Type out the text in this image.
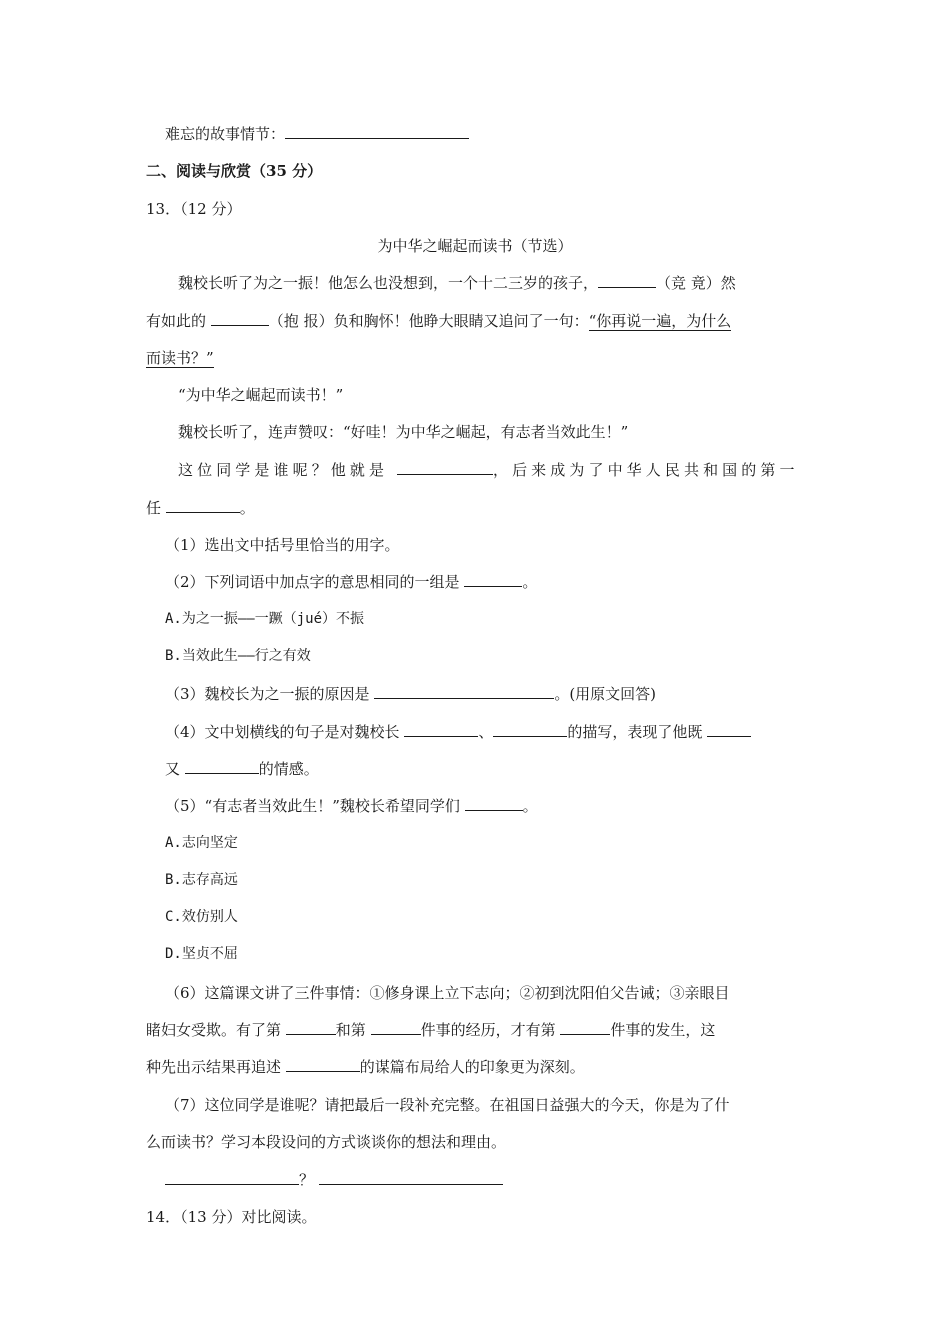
难忘的故事情节：
二、阅读与欣赏（35 分）
13．（12 分）
为中华之崛起而读书（节选）
魏校长听了为之一振！他怎么也没想到，一个十二三岁的孩子，	（竞 竟）然
有如此的	（抱 报）负和胸怀！他睁大眼睛又追问了一句：“你再说一遍，为什么
而读书？”
“为中华之崛起而读书！”
魏校长听了，连声赞叹：“好哇！为中华之崛起，有志者当效此生！”
这位同学是谁呢？他就是	，后来成为了中华人民共和国的第一
任	。
（1）选出文中括号里恰当的用字。
（2）下列词语中加点字的意思相同的一组是	。
A.为之一振——一蹶（jué）不振
B.当效此生——行之有效
（3）魏校长为之一振的原因是	。(用原文回答)
（4）文中划横线的句子是对魏校长	、	的描写，表现了他既
又	的情感。
（5）“有志者当效此生！”魏校长希望同学们	。
A.志向坚定
B.志存高远
C.效仿别人
D.坚贞不屈
（6）这篇课文讲了三件事情：①修身课上立下志向；②初到沈阳伯父告诫；③亲眼目
睹妇女受欺。有了第	和第	件事的经历，才有第	件事的发生，这
种先出示结果再追述	的谋篇布局给人的印象更为深刻。
（7）这位同学是谁呢？请把最后一段补充完整。在祖国日益强大的今天，你是为了什
么而读书？学习本段设问的方式谈谈你的想法和理由。
？
14．（13 分）对比阅读。
